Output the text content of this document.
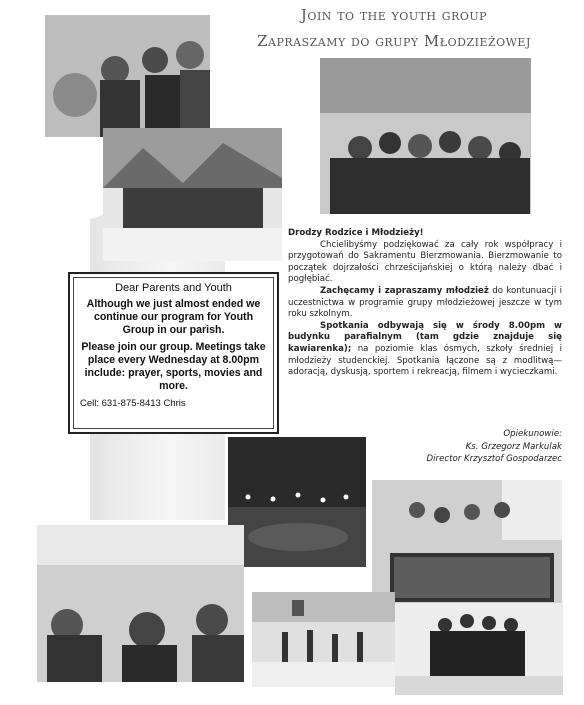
Join to the youth group
Zapraszamy do grupy Młodzieżowej
Dear Parents and Youth

Although we just almost ended we continue our program for Youth Group in our parish.

Please join our group. Meetings take place every Wednesday at 8.00pm include: prayer, sports, movies and more.

Cell: 631-875-8413 Chris

Drodzy Rodzice i Młodzieży!

Chcielibyśmy podziękować za cały rok współpracy i przygotowań do Sakramentu Bierzmowania. Bierzmowanie to początek dojrzałości chrześcijańskiej o którą należy dbać i pogłębiać.

Zachęcamy i zapraszamy młodzież do kontunuacji i uczestnictwa w programie grupy młodzieżowej jeszcze w tym roku szkolnym.

Spotkania odbywają się w środy 8.00pm w budynku parafialnym (tam gdzie znajduje się kawiarenka); na poziomie klas ósmych, szkoły średniej i młodzieży studenckiej. Spotkania łączone są z modlitwą—adoracją, dyskusją, sportem i rekreacją, filmem i wycieczkami.

Opiekunowie:
Ks. Grzegorz Markulak
Director Krzysztof Gospodarzec
